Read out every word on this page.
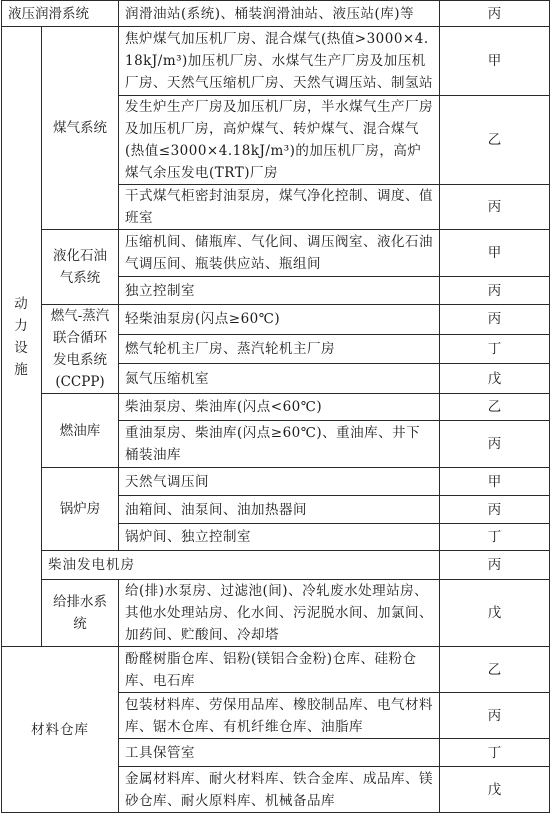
液压润滑系统		润滑油站(系统)、桶装润滑油站、液压站(库)等	丙
动力设施	煤气系统	焦炉煤气加压机厂房、混合煤气(热值>3000×4.18kJ/m³)加压机厂房、水煤气生产厂房及加压机厂房、天然气压缩机厂房、天然气调压站、制氢站	甲
		发生炉生产厂房及加压机厂房，半水煤气生产厂房及加压机厂房，高炉煤气、转炉煤气、混合煤气(热值≤3000×4.18kJ/m³)的加压机厂房，高炉煤气余压发电(TRT)厂房	乙
		干式煤气柜密封油泵房，煤气净化控制、调度、值班室	丙
	液化石油气系统	压缩机间、储瓶库、气化间、调压阀室、液化石油气调压间、瓶装供应站、瓶组间	甲
		独立控制室	丙
	燃气-蒸汽联合循环发电系统(CCPP)	轻柴油泵房(闪点≥60℃)	丙
		燃气轮机主厂房、蒸汽轮机主厂房	丁
		氮气压缩机室	戊
	燃油库	柴油泵房、柴油库(闪点<60℃)	乙
		重油泵房、柴油库(闪点≥60℃)、重油库、井下桶装油库	丙
	锅炉房	天然气调压间	甲
		油箱间、油泵间、油加热器间	丙
		锅炉间、独立控制室	丁
	柴油发电机房		丙
	给排水系统	给(排)水泵房、过滤池(间)、冷轧废水处理站房、其他水处理站房、化水间、污泥脱水间、加氯间、加药间、贮酸间、冷却塔	戊
材料仓库		酚醛树脂仓库、铝粉(镁铝合金粉)仓库、硅粉仓库、电石库	乙
		包装材料库、劳保用品库、橡胶制品库、电气材料库、锯木仓库、有机纤维仓库、油脂库	丙
		工具保管室	丁
		金属材料库、耐火材料库、铁合金库、成品库、镁砂仓库、耐火原料库、机械备品库	戊
